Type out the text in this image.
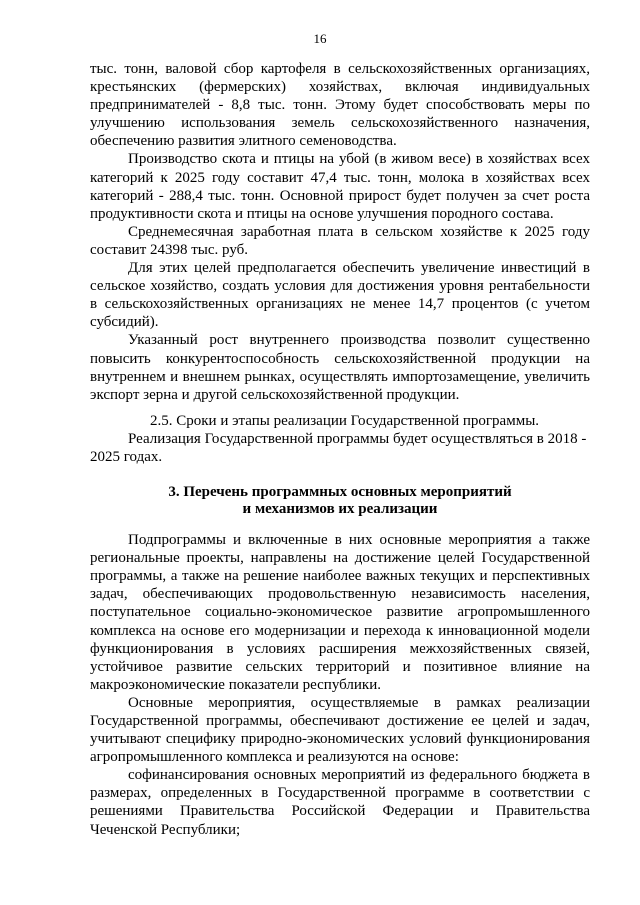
16

тыс. тонн, валовой сбор картофеля в сельскохозяйственных организациях, крестьянских (фермерских) хозяйствах, включая индивидуальных предпринимателей - 8,8 тыс. тонн. Этому будет способствовать меры по улучшению использования земель сельскохозяйственного назначения, обеспечению развития элитного семеноводства.

Производство скота и птицы на убой (в живом весе) в хозяйствах всех категорий к 2025 году составит 47,4 тыс. тонн, молока в хозяйствах всех категорий - 288,4 тыс. тонн. Основной прирост будет получен за счет роста продуктивности скота и птицы на основе улучшения породного состава.

Среднемесячная заработная плата в сельском хозяйстве к 2025 году составит 24398 тыс. руб.

Для этих целей предполагается обеспечить увеличение инвестиций в сельское хозяйство, создать условия для достижения уровня рентабельности в сельскохозяйственных организациях не менее 14,7 процентов (с учетом субсидий).

Указанный рост внутреннего производства позволит существенно повысить конкурентоспособность сельскохозяйственной продукции на внутреннем и внешнем рынках, осуществлять импортозамещение, увеличить экспорт зерна и другой сельскохозяйственной продукции.

2.5. Сроки и этапы реализации Государственной программы.

Реализация Государственной программы будет осуществляться в 2018 - 2025 годах.

3. Перечень программных основных мероприятий
и механизмов их реализации

Подпрограммы и включенные в них основные мероприятия а также региональные проекты, направлены на достижение целей Государственной программы, а также на решение наиболее важных текущих и перспективных задач, обеспечивающих продовольственную независимость населения, поступательное социально-экономическое развитие агропромышленного комплекса на основе его модернизации и перехода к инновационной модели функционирования в условиях расширения межхозяйственных связей, устойчивое развитие сельских территорий и позитивное влияние на макроэкономические показатели республики.

Основные мероприятия, осуществляемые в рамках реализации Государственной программы, обеспечивают достижение ее целей и задач, учитывают специфику природно-экономических условий функционирования агропромышленного комплекса и реализуются на основе:

софинансирования основных мероприятий из федерального бюджета в размерах, определенных в Государственной программе в соответствии с решениями Правительства Российской Федерации и Правительства Чеченской Республики;
